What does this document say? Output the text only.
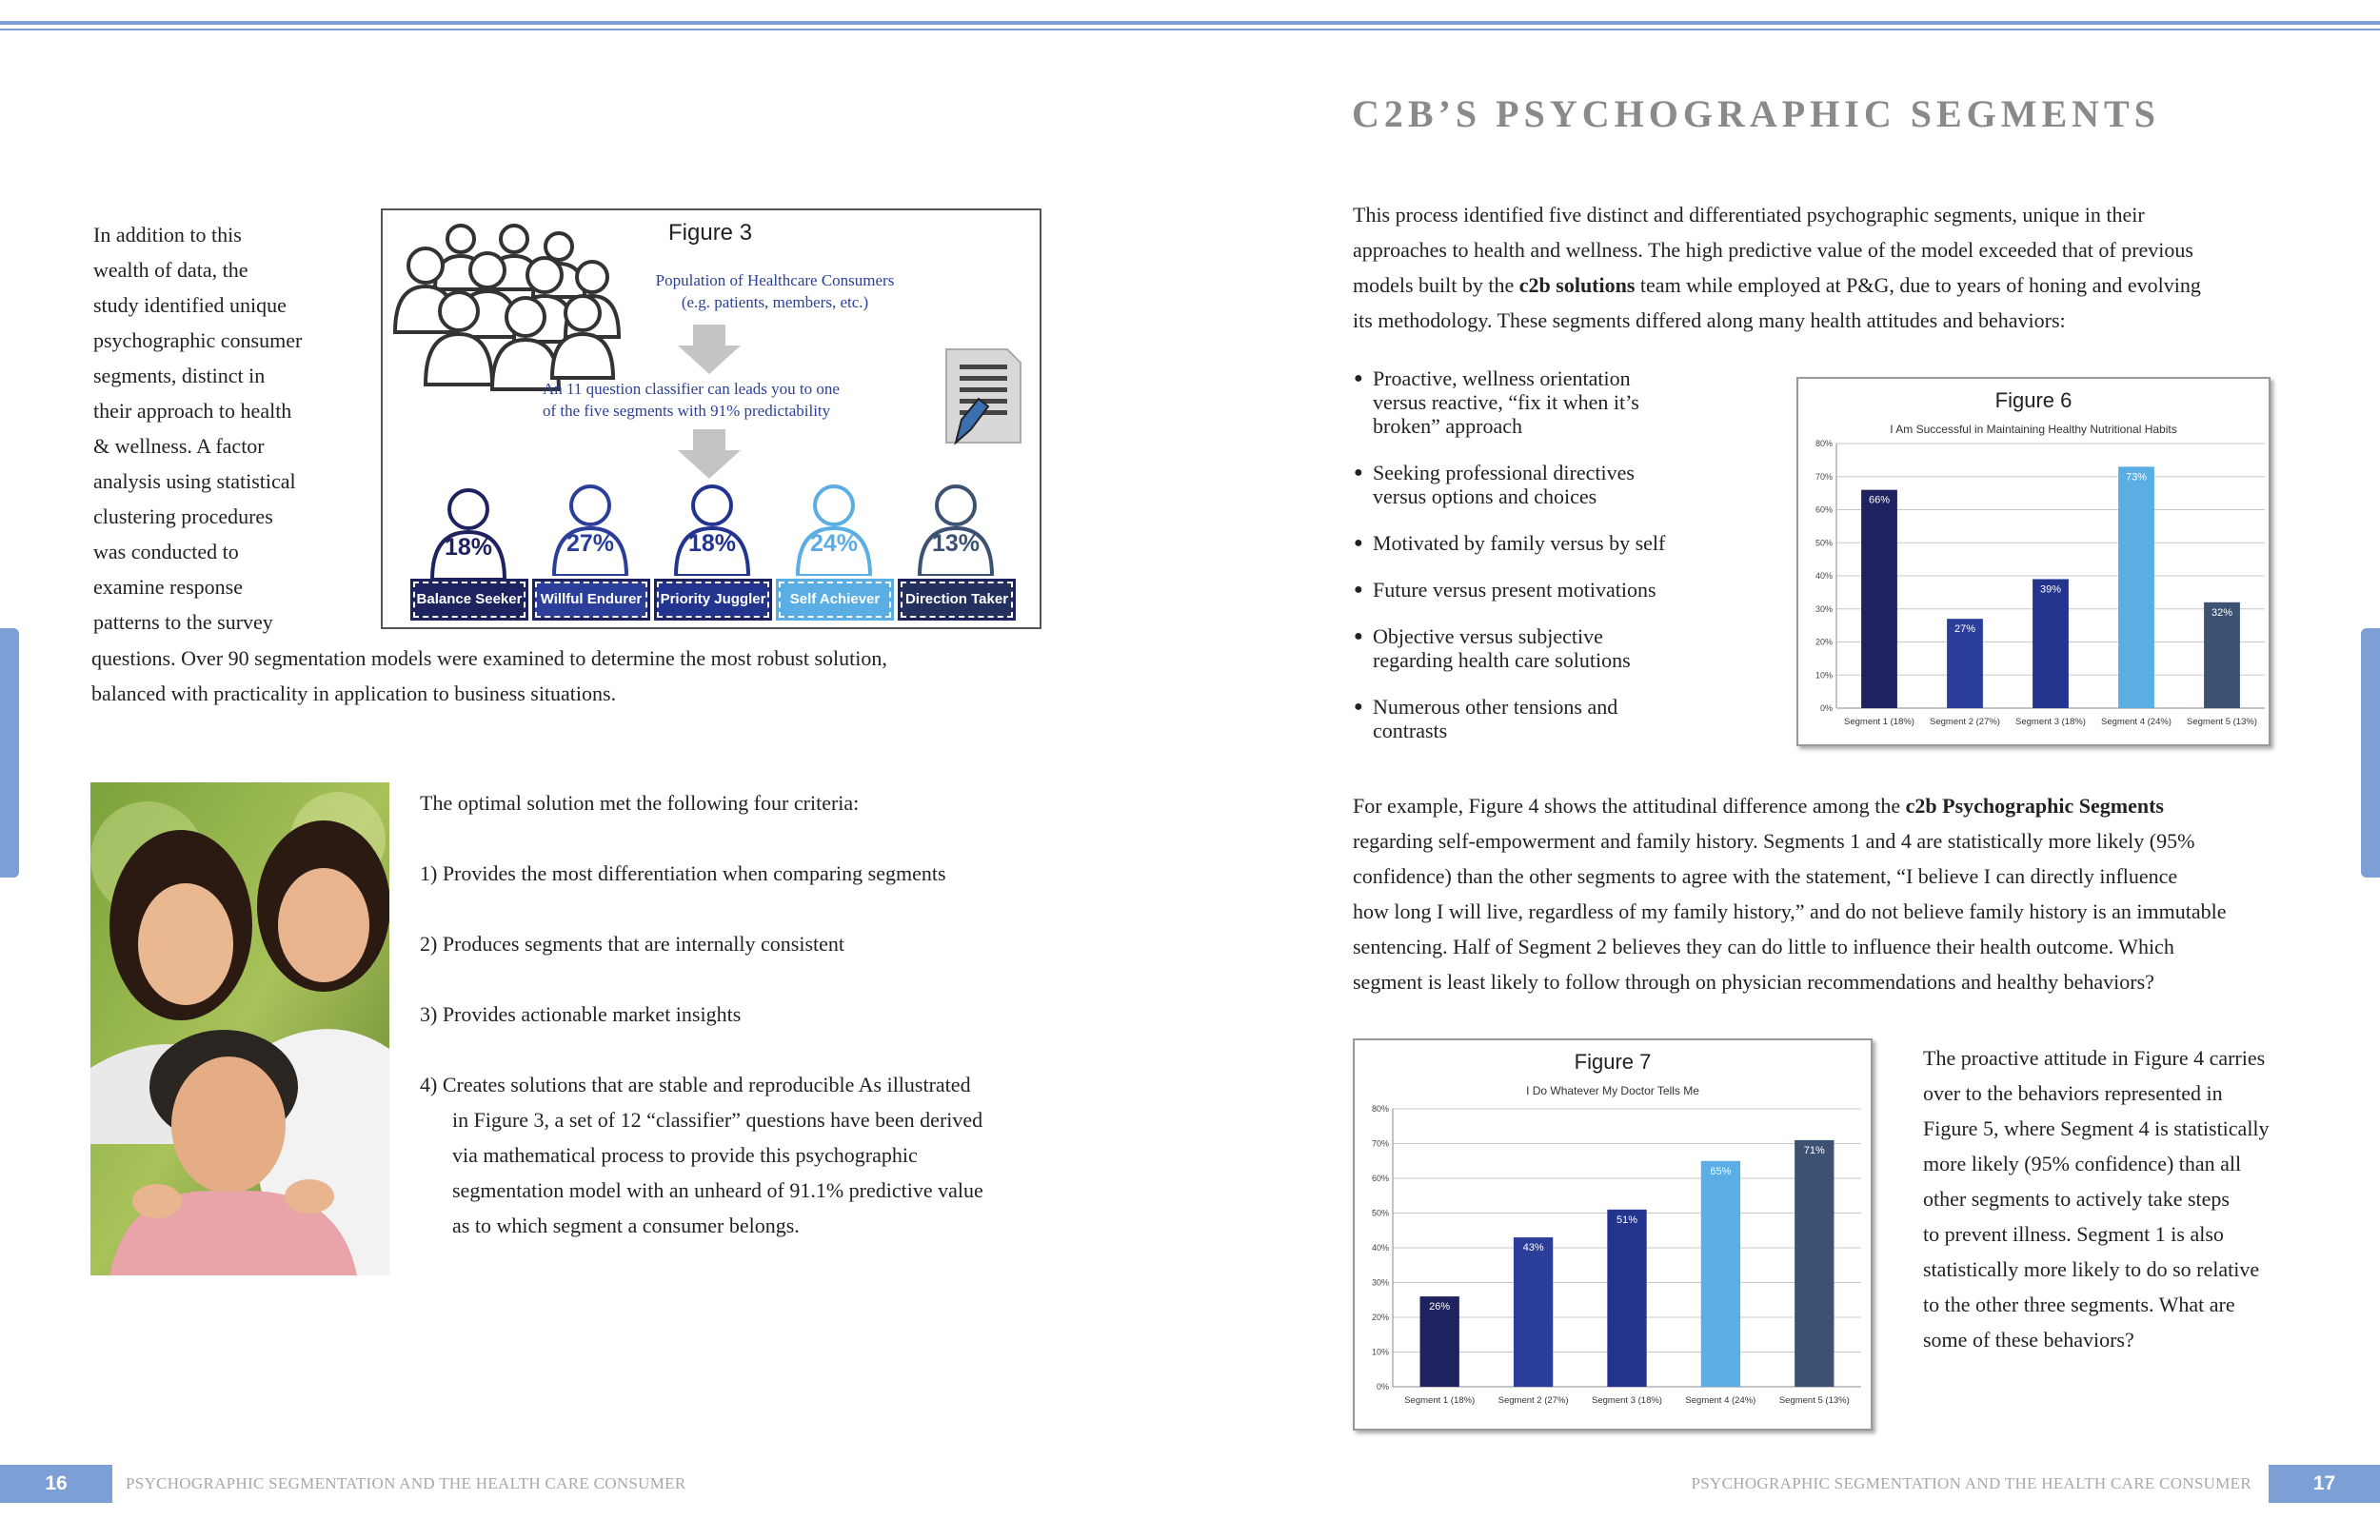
In addition to this
wealth of data, the
study identified unique
psychographic consumer
segments, distinct in
their approach to health
& wellness. A factor
analysis using statistical
clustering procedures
was conducted to
examine response
patterns to the survey
questions. Over 90 segmentation models were examined to determine the most robust solution,
balanced with practicality in application to business situations.
Figure 3
Population of Healthcare Consumers
(e.g. patients, members, etc.)
An 11 question classifier can leads you to one
of the five segments with 91% predictability
18%
Balance Seeker
27%
Willful Endurer
18%
Priority Juggler
24%
Self Achiever
13%
Direction Taker
The optimal solution met the following four criteria:
1) Provides the most differentiation when comparing segments
2) Produces segments that are internally consistent
3) Provides actionable market insights
4) Creates solutions that are stable and reproducible As illustrated
in Figure 3, a set of 12 “classifier” questions have been derived
via mathematical process to provide this psychographic
segmentation model with an unheard of 91.1% predictive value
as to which segment a consumer belongs.
16	PSYCHOGRAPHIC SEGMENTATION AND THE HEALTH CARE CONSUMER
C2B’S PSYCHOGRAPHIC SEGMENTS
This process identified five distinct and differentiated psychographic segments, unique in their
approaches to health and wellness. The high predictive value of the model exceeded that of previous
models built by the c2b solutions team while employed at P&G, due to years of honing and evolving
its methodology. These segments differed along many health attitudes and behaviors:
● Proactive, wellness orientation
versus reactive, “fix it when it’s
broken” approach
● Seeking professional directives
versus options and choices
● Motivated by family versus by self
● Future versus present motivations
● Objective versus subjective
regarding health care solutions
● Numerous other tensions and
contrasts
Figure 6
I Am Successful in Maintaining Healthy Nutritional Habits
0%
10%
20%
30%
40%
50%
60%
70%
80%
66%
Segment 1 (18%)
27%
Segment 2 (27%)
39%
Segment 3 (18%)
73%
Segment 4 (24%)
32%
Segment 5 (13%)
For example, Figure 4 shows the attitudinal difference among the c2b Psychographic Segments
regarding self-empowerment and family history. Segments 1 and 4 are statistically more likely (95%
confidence) than the other segments to agree with the statement, “I believe I can directly influence
how long I will live, regardless of my family history,” and do not believe family history is an immutable
sentencing. Half of Segment 2 believes they can do little to influence their health outcome. Which
segment is least likely to follow through on physician recommendations and healthy behaviors?
Figure 7
I Do Whatever My Doctor Tells Me
0%
10%
20%
30%
40%
50%
60%
70%
80%
26%
Segment 1 (18%)
43%
Segment 2 (27%)
51%
Segment 3 (18%)
65%
Segment 4 (24%)
71%
Segment 5 (13%)
The proactive attitude in Figure 4 carries
over to the behaviors represented in
Figure 5, where Segment 4 is statistically
more likely (95% confidence) than all
other segments to actively take steps
to prevent illness. Segment 1 is also
statistically more likely to do so relative
to the other three segments. What are
some of these behaviors?
PSYCHOGRAPHIC SEGMENTATION AND THE HEALTH CARE CONSUMER	17
